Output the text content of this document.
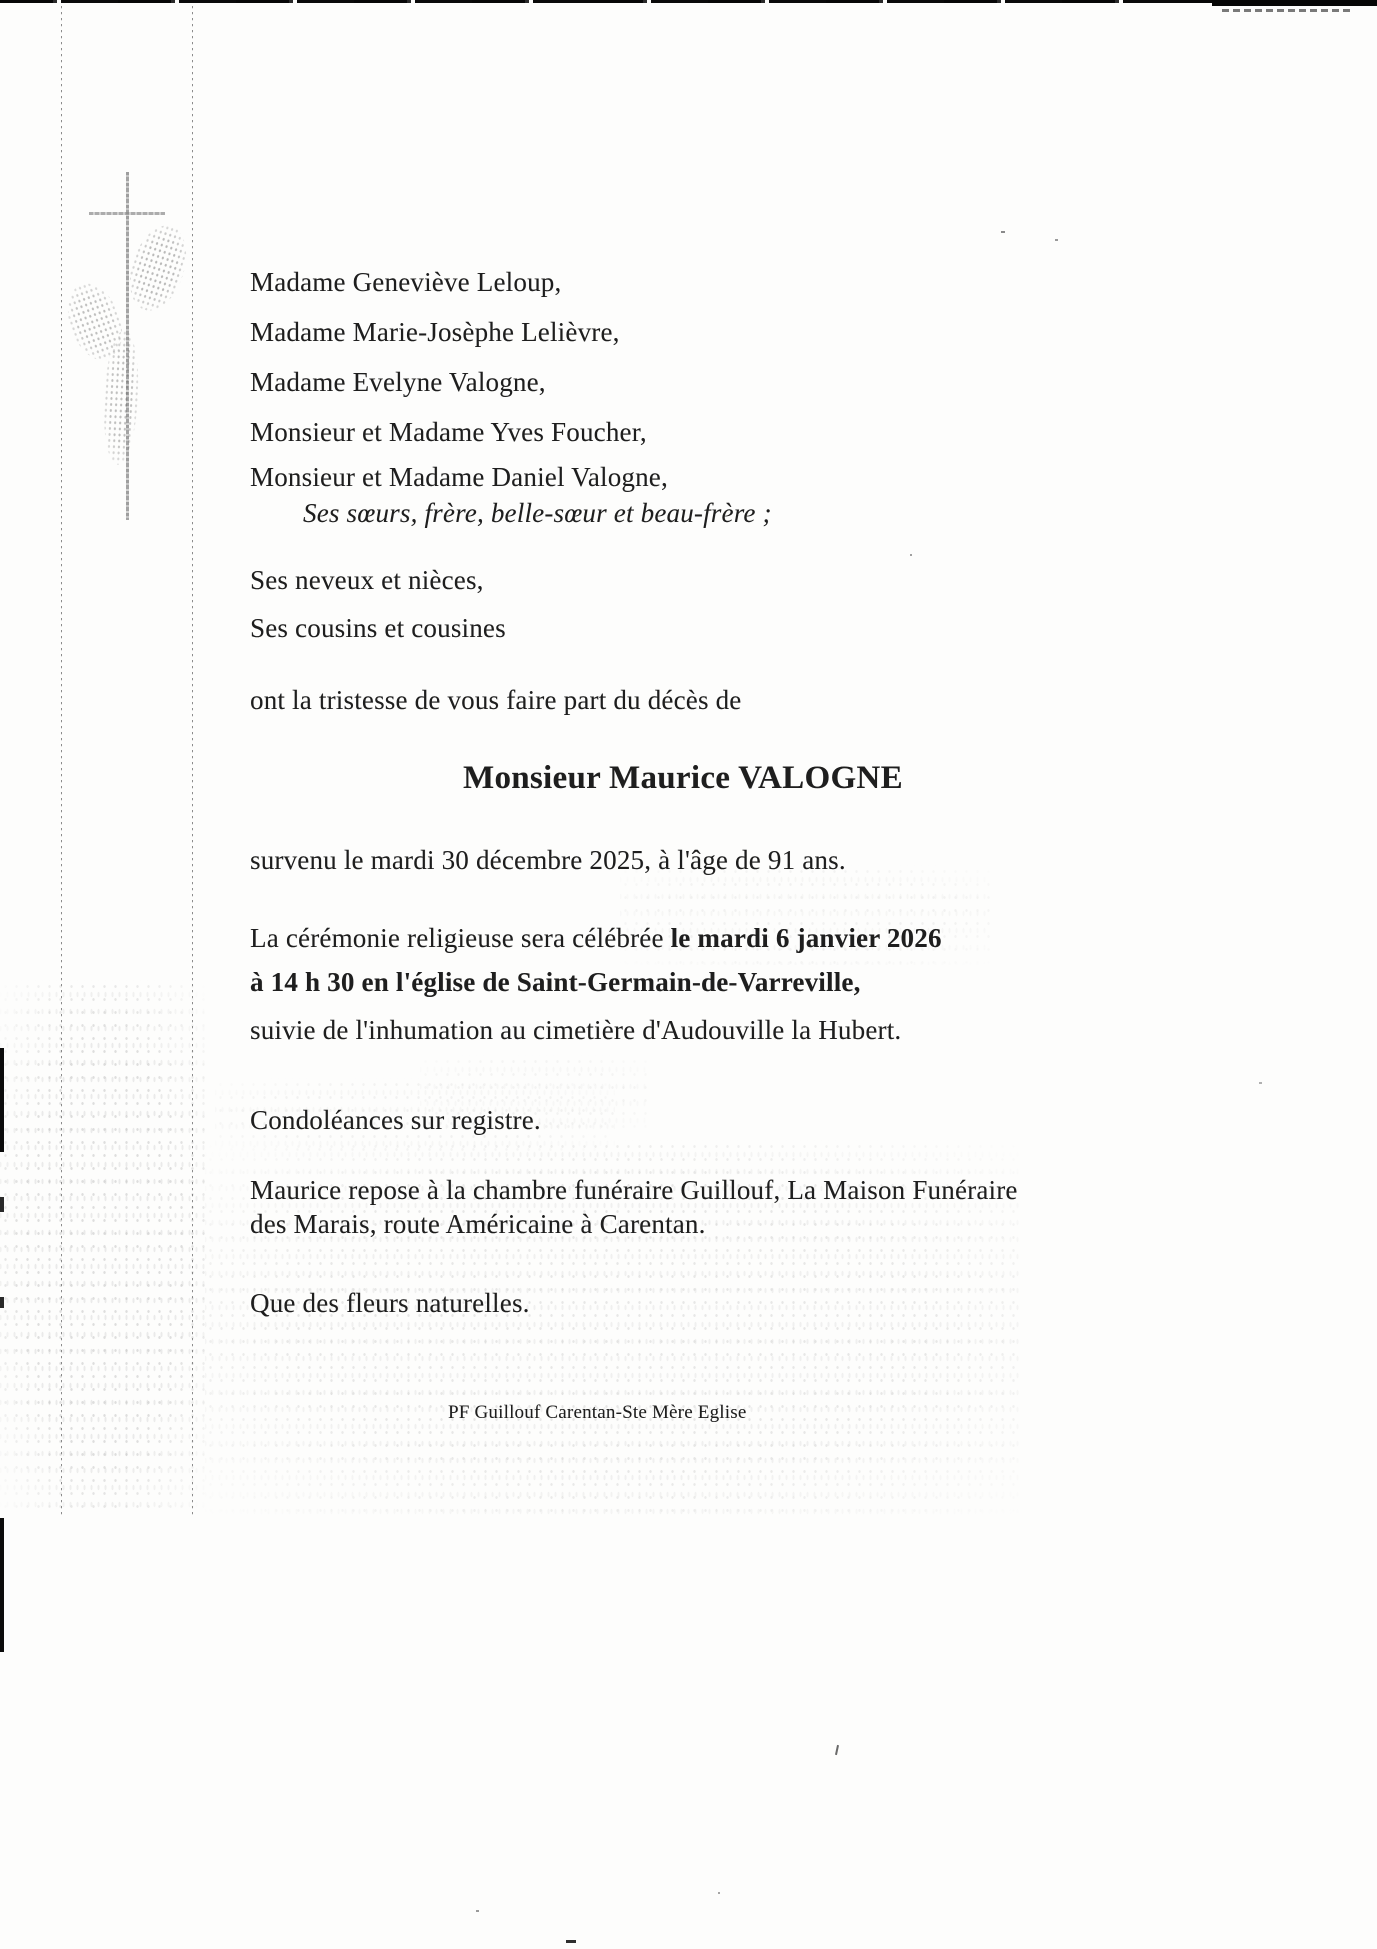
Madame Geneviève Leloup,
Madame Marie-Josèphe Lelièvre,
Madame Evelyne Valogne,
Monsieur et Madame Yves Foucher,
Monsieur et Madame Daniel Valogne,
Ses sœurs, frère, belle-sœur et beau-frère ;
Ses neveux et nièces,
Ses cousins et cousines
ont la tristesse de vous faire part du décès de
Monsieur Maurice VALOGNE
survenu le mardi 30 décembre 2025, à l'âge de 91 ans.
La cérémonie religieuse sera célébrée le mardi 6 janvier 2026
à 14 h 30 en l'église de Saint-Germain-de-Varreville,
suivie de l'inhumation au cimetière d'Audouville la Hubert.
Condoléances sur registre.
Maurice repose à la chambre funéraire Guillouf, La Maison Funéraire
des Marais, route Américaine à Carentan.
Que des fleurs naturelles.
PF Guillouf Carentan-Ste Mère Eglise
